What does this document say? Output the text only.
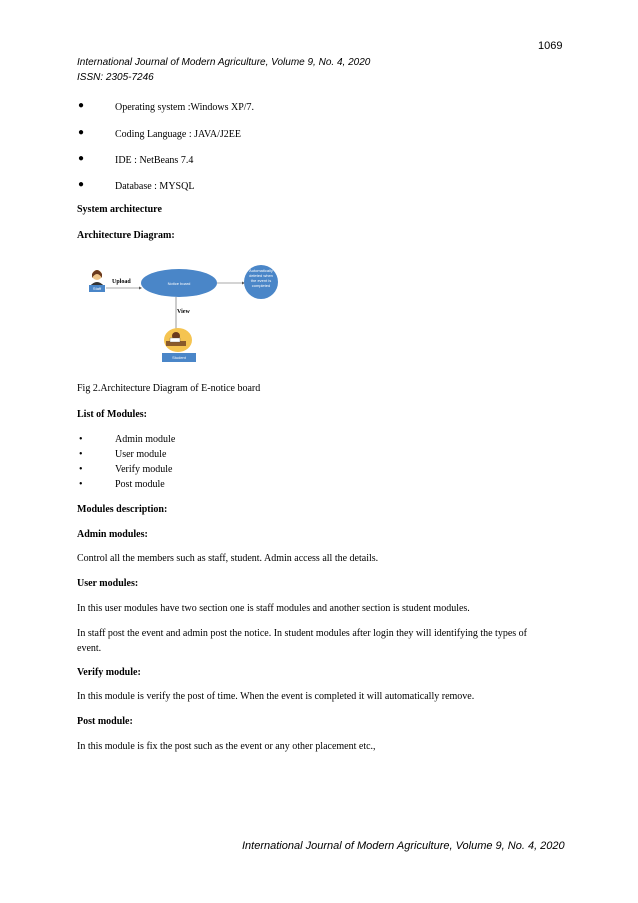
1069
International Journal of Modern Agriculture, Volume 9, No. 4, 2020
ISSN: 2305-7246
●	Operating system :Windows XP/7.
●	Coding Language : JAVA/J2EE
●	IDE : NetBeans 7.4
●	Database : MYSQL
System architecture
Architecture Diagram:
Staff
Upload	Notice board
Automatically deleted when the event is completed
View
Student
Fig 2.Architecture Diagram of E-notice board
List of Modules:
•	Admin module
•	User module
•	Verify module
•	Post module
Modules description:
Admin modules:
Control all the members such as staff, student. Admin access all the details.
User modules:
In this user modules have two section one is staff modules and another section is student modules.
In staff post the event and admin post the notice. In student modules after login they will identifying the types of
event.
Verify module:
In this module is verify the post of time. When the event is completed it will automatically remove.
Post module:
In this module is fix the post such as the event or any other placement etc.,
International Journal of Modern Agriculture, Volume 9, No. 4, 2020
